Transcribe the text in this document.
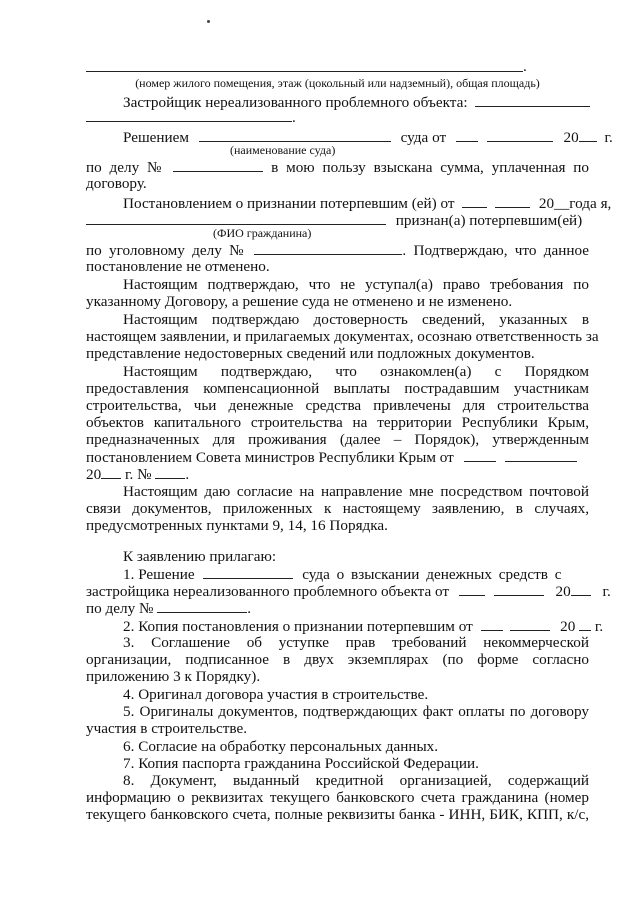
.
(номер жилого помещения, этаж (цокольный или надземный), общая площадь)
Застройщик нереализованного проблемного объекта:
.
Решением	суда от	20 г.
(наименование суда)
по делу №	в мою пользу взыскана сумма, уплаченная по
договору.
Постановлением о признании потерпевшим (ей) от	20__года я,
признан(а) потерпевшим(ей)
(ФИО гражданина)
по уголовному делу №	. Подтверждаю, что данное
постановление не отменено.
Настоящим подтверждаю, что не уступал(а) право требования по
указанному Договору, а решение суда не отменено и не изменено.
Настоящим подтверждаю достоверность сведений, указанных в
настоящем заявлении, и прилагаемых документах, осознаю ответственность за
представление недостоверных сведений или подложных документов.
Настоящим подтверждаю, что ознакомлен(а) с Порядком
предоставления компенсационной выплаты пострадавшим участникам
строительства, чьи денежные средства привлечены для строительства
объектов капитального строительства на территории Республики Крым,
предназначенных для проживания (далее – Порядок), утвержденным
постановлением Совета министров Республики Крым от
20 г. № .
Настоящим даю согласие на направление мне посредством почтовой
связи документов, приложенных к настоящему заявлению, в случаях,
предусмотренных пунктами 9, 14, 16 Порядка.
К заявлению прилагаю:
1. Решение	суда о взыскании денежных средств с
застройщика нереализованного проблемного объекта от	20 г.
по делу №	.
2. Копия постановления о признании потерпевшим от	20 г.
3. Соглашение об уступке прав требований некоммерческой
организации, подписанное в двух экземплярах (по форме согласно
приложению 3 к Порядку).
4. Оригинал договора участия в строительстве.
5. Оригиналы документов, подтверждающих факт оплаты по договору
участия в строительстве.
6. Согласие на обработку персональных данных.
7. Копия паспорта гражданина Российской Федерации.
8. Документ, выданный кредитной организацией, содержащий
информацию о реквизитах текущего банковского счета гражданина (номер
текущего банковского счета, полные реквизиты банка - ИНН, БИК, КПП, к/с,
